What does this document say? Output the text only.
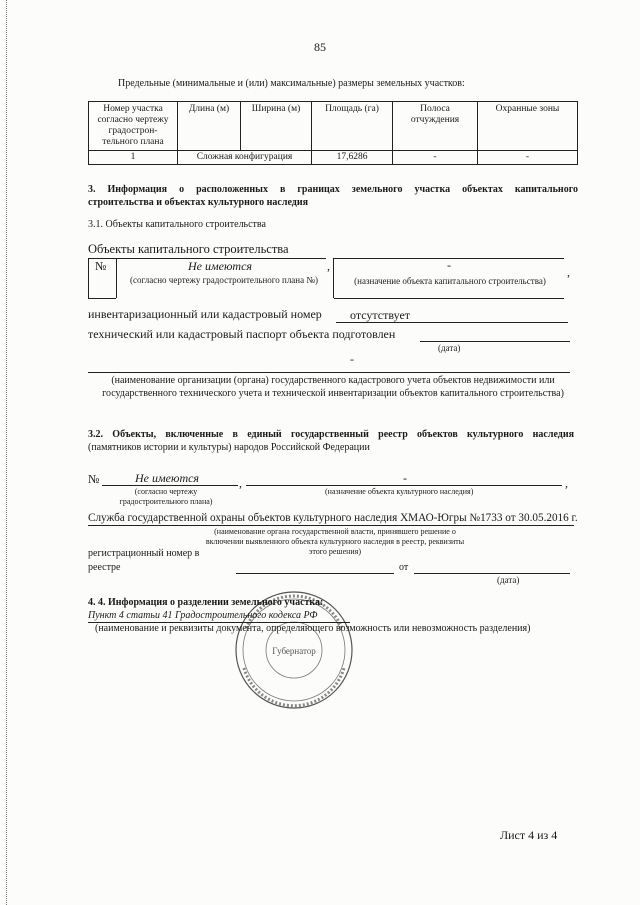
85
Предельные (минимальные и (или) максимальные) размеры земельных участков:
Номер участка согласно чертежу градострон-тельного плана	Длина (м)	Ширина (м)	Площадь (га)	Полоса отчуждения	Охранные зоны
1	Сложная конфигурация		17,6286	-	-
3. Информация о расположенных в границах земельного участка объектах капитального
строительства и объектах культурного наследия
3.1. Объекты капитального строительства
Объекты капитального строительства
№	Не имеются	,	-	,
(согласно чертежу градостроительного плана №)	(назначение объекта капитального строительства)
инвентаризационный или кадастровый номер отсутствует
технический или кадастровый паспорт объекта подготовлен
(дата)
-
(наименование организации (органа) государственного кадастрового учета объектов недвижимости или государственного технического учета и технической инвентаризации объектов капитального строительства)
3.2. Объекты, включенные в единый государственный реестр объектов культурного наследия
(памятников истории и культуры) народов Российской Федерации
№	Не имеются	,	-	,
(согласно чертежу градостроительного плана)
(назначение объекта культурного наследия)
Служба государственной охраны объектов культурного наследия ХМАО-Югры №1733 от 30.05.2016 г.
(наименование органа государственной власти, принявшего решение о включении выявленного объекта культурного наследия в реестр, реквизиты этого решения)
регистрационный номер в
реестре	от
(дата)
Губернатор
4. 4. Информация о разделении земельного участка:
Пункт 4 статьи 41 Градостроительного кодекса РФ
(наименование и реквизиты документа, определяющего возможность или невозможность разделения)
Лист 4 из 4
